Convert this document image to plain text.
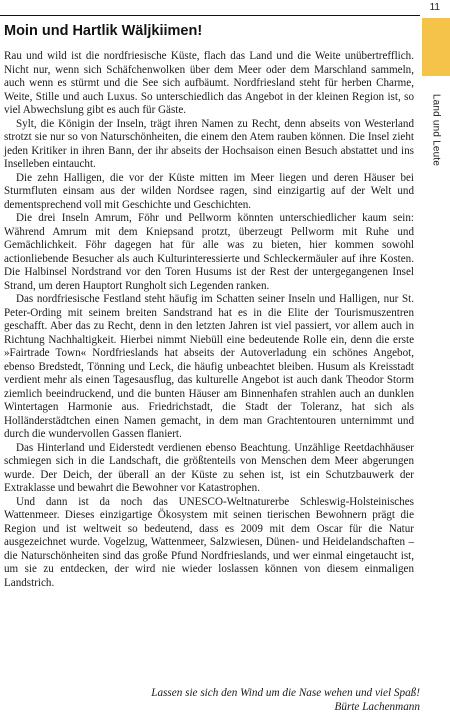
11
Land und Leute
Moin und Hartlik Wäljkiimen!

Rau und wild ist die nordfriesische Küste, flach das Land und die Weite unübertrefflich. Nicht nur, wenn sich Schäfchenwolken über dem Meer oder dem Marschland sammeln, auch wenn es stürmt und die See sich aufbäumt. Nordfriesland steht für herben Charme, Weite, Stille und auch Luxus. So unterschiedlich das Angebot in der kleinen Region ist, so viel Abwechslung gibt es auch für Gäste.

Sylt, die Königin der Inseln, trägt ihren Namen zu Recht, denn abseits von Westerland strotzt sie nur so von Naturschönheiten, die einem den Atem rauben können. Die Insel zieht jeden Kritiker in ihren Bann, der ihr abseits der Hochsaison einen Besuch abstattet und ins Inselleben eintaucht.

Die zehn Halligen, die vor der Küste mitten im Meer liegen und deren Häuser bei Sturmfluten einsam aus der wilden Nordsee ragen, sind einzigartig auf der Welt und dementsprechend voll mit Geschichte und Geschichten.

Die drei Inseln Amrum, Föhr und Pellworm könnten unterschiedlicher kaum sein: Während Amrum mit dem Kniepsand protzt, überzeugt Pellworm mit Ruhe und Gemächlichkeit. Föhr dagegen hat für alle was zu bieten, hier kommen sowohl actionliebende Besucher als auch Kulturinteressierte und Schleckermäuler auf ihre Kosten. Die Halbinsel Nordstrand vor den Toren Husums ist der Rest der untergegangenen Insel Strand, um deren Hauptort Rungholt sich Legenden ranken.

Das nordfriesische Festland steht häufig im Schatten seiner Inseln und Halligen, nur St. Peter-Ording mit seinem breiten Sandstrand hat es in die Elite der Tourismuszentren geschafft. Aber das zu Recht, denn in den letzten Jahren ist viel passiert, vor allem auch in Richtung Nachhaltigkeit. Hierbei nimmt Niebüll eine bedeutende Rolle ein, denn die erste »Fairtrade Town« Nordfrieslands hat abseits der Autoverladung ein schönes Angebot, ebenso Bredstedt, Tönning und Leck, die häufig unbeachtet bleiben. Husum als Kreisstadt verdient mehr als einen Tagesausflug, das kulturelle Angebot ist auch dank Theodor Storm ziemlich beeindruckend, und die bunten Häuser am Binnenhafen strahlen auch an dunklen Wintertagen Harmonie aus. Friedrichstadt, die Stadt der Toleranz, hat sich als Holländerstädtchen einen Namen gemacht, in dem man Grachtentouren unternimmt und durch die wundervollen Gassen flaniert.

Das Hinterland und Eiderstedt verdienen ebenso Beachtung. Unzählige Reetdachhäuser schmiegen sich in die Landschaft, die größtenteils von Menschen dem Meer abgerungen wurde. Der Deich, der überall an der Küste zu sehen ist, ist ein Schutzbauwerk der Extraklasse und bewahrt die Bewohner vor Katastrophen.

Und dann ist da noch das UNESCO-Weltnaturerbe Schleswig-Holsteinisches Wattenmeer. Dieses einzigartige Ökosystem mit seinen tierischen Bewohnern prägt die Region und ist weltweit so bedeutend, dass es 2009 mit dem Oscar für die Natur ausgezeichnet wurde. Vogelzug, Wattenmeer, Salzwiesen, Dünen- und Heidelandschaften – die Naturschönheiten sind das große Pfund Nordfrieslands, und wer einmal eingetaucht ist, um sie zu entdecken, der wird nie wieder loslassen können von diesem einmaligen Landstrich.

Lassen sie sich den Wind um die Nase wehen und viel Spaß!
Bürte Lachenmann
